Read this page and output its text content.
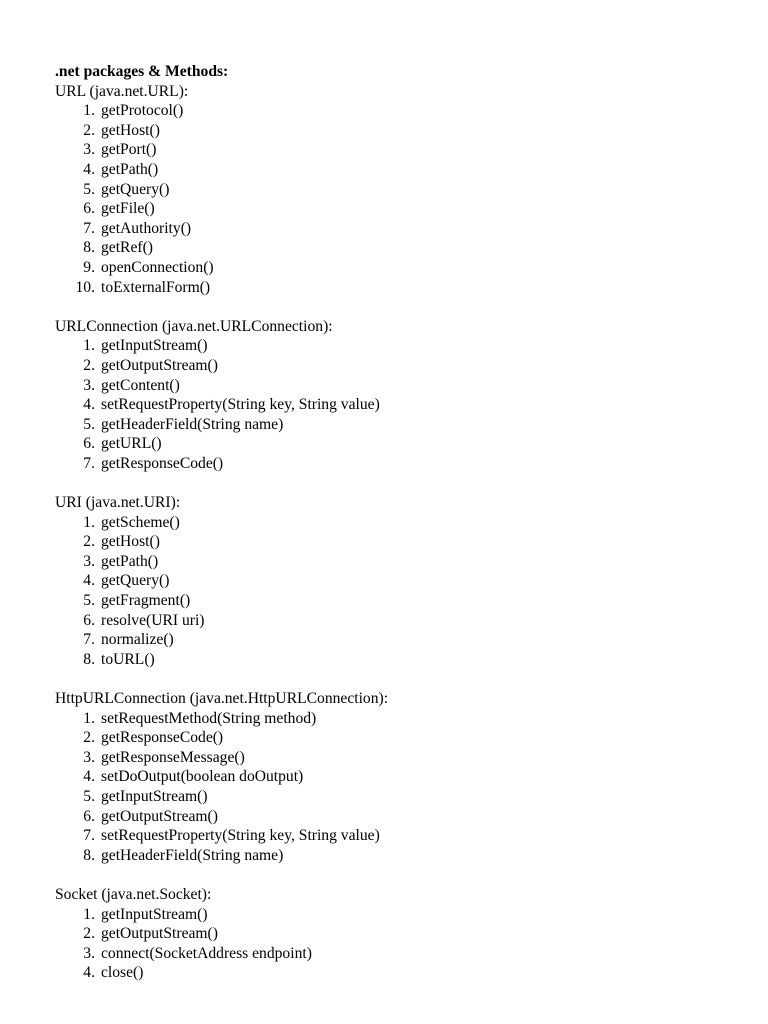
.net packages & Methods:
URL (java.net.URL):
1. getProtocol()
2. getHost()
3. getPort()
4. getPath()
5. getQuery()
6. getFile()
7. getAuthority()
8. getRef()
9. openConnection()
10. toExternalForm()
URLConnection (java.net.URLConnection):
1. getInputStream()
2. getOutputStream()
3. getContent()
4. setRequestProperty(String key, String value)
5. getHeaderField(String name)
6. getURL()
7. getResponseCode()
URI (java.net.URI):
1. getScheme()
2. getHost()
3. getPath()
4. getQuery()
5. getFragment()
6. resolve(URI uri)
7. normalize()
8. toURL()
HttpURLConnection (java.net.HttpURLConnection):
1. setRequestMethod(String method)
2. getResponseCode()
3. getResponseMessage()
4. setDoOutput(boolean doOutput)
5. getInputStream()
6. getOutputStream()
7. setRequestProperty(String key, String value)
8. getHeaderField(String name)
Socket (java.net.Socket):
1. getInputStream()
2. getOutputStream()
3. connect(SocketAddress endpoint)
4. close()
